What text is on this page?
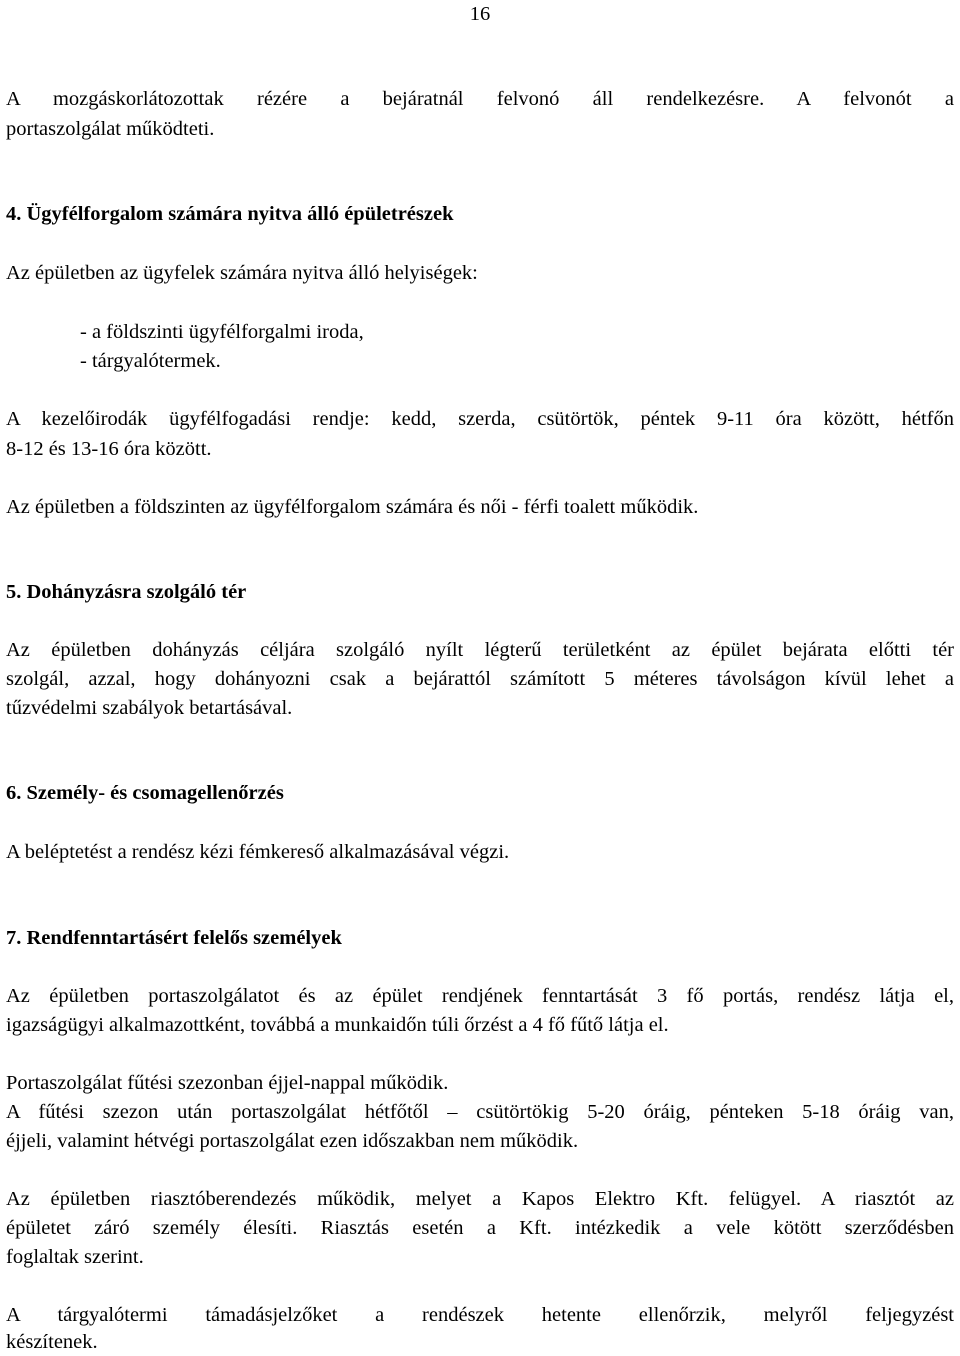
16
A mozgáskorlátozottak rézére a bejáratnál felvonó áll rendelkezésre. A felvonót a
portaszolgálat működteti.
4. Ügyfélforgalom számára nyitva álló épületrészek
Az épületben az ügyfelek számára nyitva álló helyiségek:
- a földszinti ügyfélforgalmi iroda,
- tárgyalótermek.
A kezelőirodák ügyfélfogadási rendje: kedd, szerda, csütörtök, péntek 9-11 óra között, hétfőn
8-12 és 13-16 óra között.
Az épületben a földszinten az ügyfélforgalom számára és női - férfi toalett működik.
5. Dohányzásra szolgáló tér
Az épületben dohányzás céljára szolgáló nyílt légterű területként az épület bejárata előtti tér
szolgál, azzal, hogy dohányozni csak a bejárattól számított 5 méteres távolságon kívül lehet a
tűzvédelmi szabályok betartásával.
6. Személy- és csomagellenőrzés
A beléptetést a rendész kézi fémkereső alkalmazásával végzi.
7. Rendfenntartásért felelős személyek
Az épületben portaszolgálatot és az épület rendjének fenntartását 3 fő portás, rendész látja el,
igazságügyi alkalmazottként, továbbá a munkaidőn túli őrzést a 4 fő fűtő látja el.
Portaszolgálat fűtési szezonban éjjel-nappal működik.
A fűtési szezon után portaszolgálat hétfőtől – csütörtökig 5-20 óráig, pénteken 5-18 óráig van,
éjjeli, valamint hétvégi portaszolgálat ezen időszakban nem működik.
Az épületben riasztóberendezés működik, melyet a Kapos Elektro Kft. felügyel. A riasztót az
épületet záró személy élesíti. Riasztás esetén a Kft. intézkedik a vele kötött szerződésben
foglaltak szerint.
A tárgyalótermi támadásjelzőket a rendészek hetente ellenőrzik, melyről feljegyzést
készítenek.
